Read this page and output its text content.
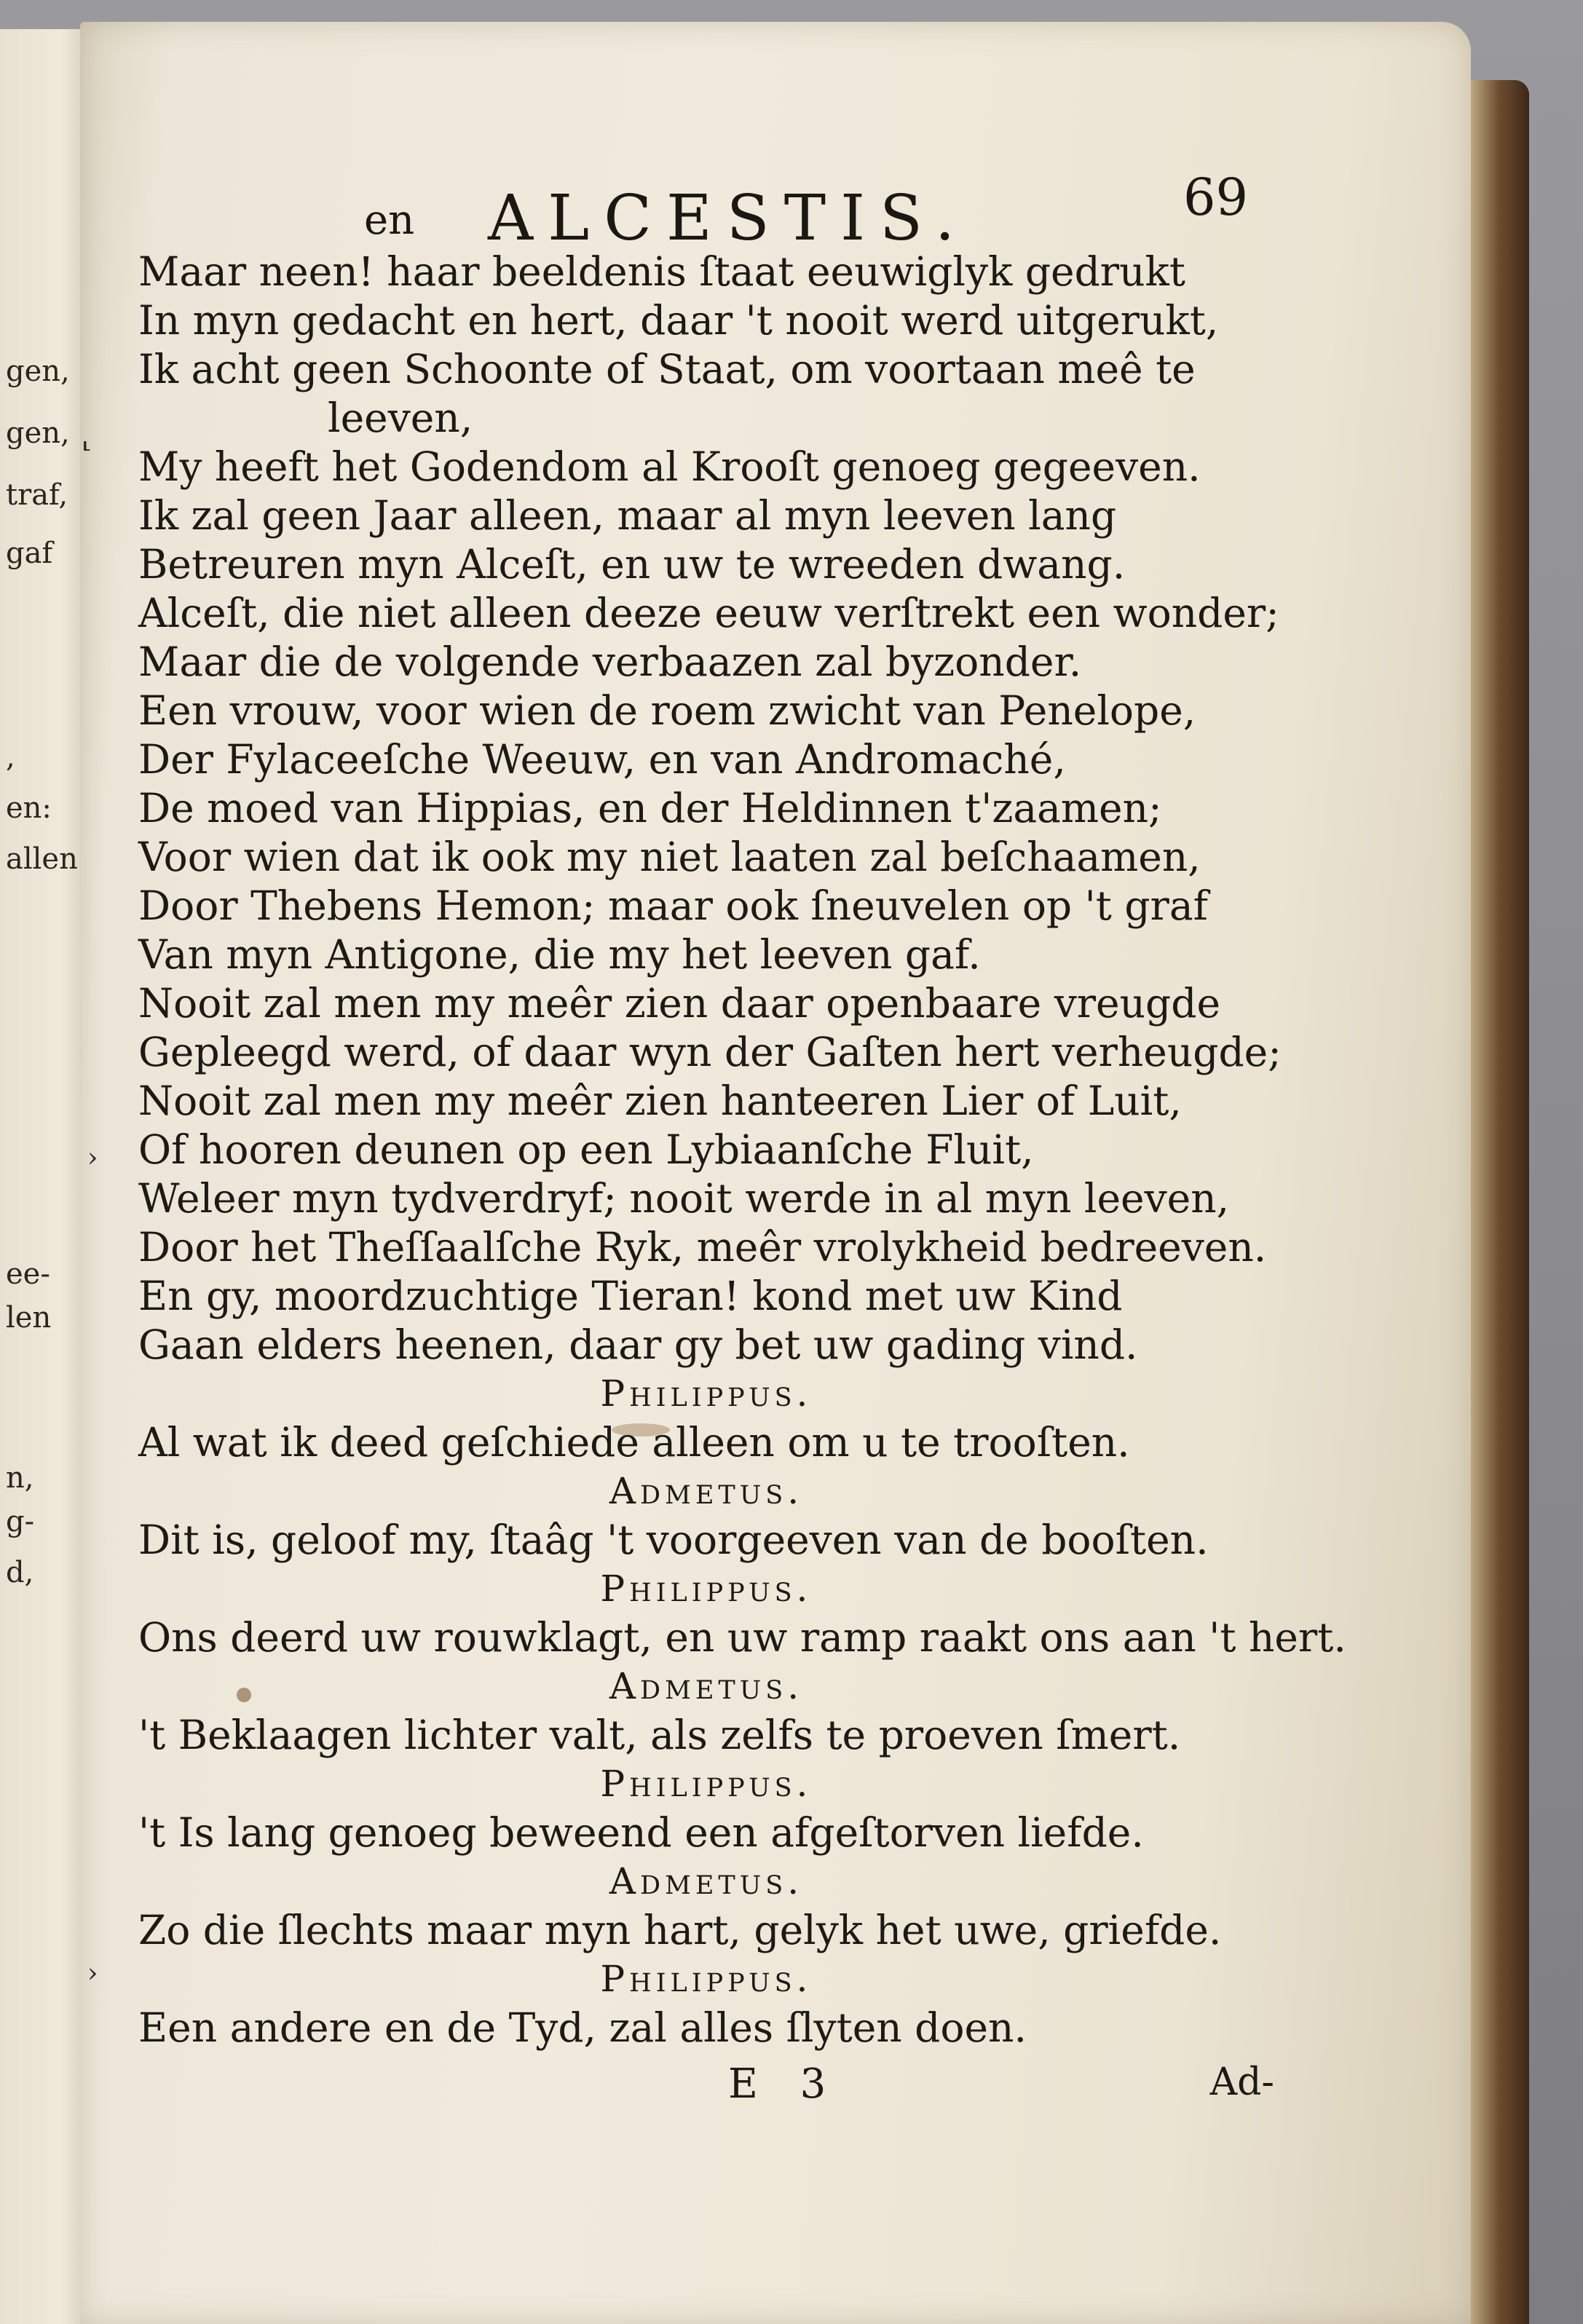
gen,
gen,
traf,
gaf
,
en:
allen
ee-
len
n,
g-
d,
⸤
›
›
en ALCESTIS.	69
Maar neen! haar beeldenis ſtaat eeuwiglyk gedrukt
In myn gedacht en hert, daar 't nooit werd uitgerukt,
Ik acht geen Schoonte of Staat, om voortaan meê te
leeven,
My heeft het Godendom al Krooſt genoeg gegeeven.
Ik zal geen Jaar alleen, maar al myn leeven lang
Betreuren myn Alceſt, en uw te wreeden dwang.
Alceſt, die niet alleen deeze eeuw verſtrekt een wonder;
Maar die de volgende verbaazen zal byzonder.
Een vrouw, voor wien de roem zwicht van Penelope,
Der Fylaceeſche Weeuw, en van Andromaché,
De moed van Hippias, en der Heldinnen t'zaamen;
Voor wien dat ik ook my niet laaten zal beſchaamen,
Door Thebens Hemon; maar ook ſneuvelen op 't graf
Van myn Antigone, die my het leeven gaf.
Nooit zal men my meêr zien daar openbaare vreugde
Gepleegd werd, of daar wyn der Gaſten hert verheugde;
Nooit zal men my meêr zien hanteeren Lier of Luit,
Of hooren deunen op een Lybiaanſche Fluit,
Weleer myn tydverdryf; nooit werde in al myn leeven,
Door het Theſſaalſche Ryk, meêr vrolykheid bedreeven.
En gy, moordzuchtige Tieran! kond met uw Kind
Gaan elders heenen, daar gy bet uw gading vind.
Philippus.
Al wat ik deed geſchiede alleen om u te trooſten.
Admetus.
Dit is, geloof my, ſtaâg 't voorgeeven van de booſten.
Philippus.
Ons deerd uw rouwklagt, en uw ramp raakt ons aan 't hert.
Admetus.
't Beklaagen lichter valt, als zelfs te proeven ſmert.
Philippus.
't Is lang genoeg beweend een afgeſtorven liefde.
Admetus.
Zo die ſlechts maar myn hart, gelyk het uwe, griefde.
Philippus.
Een andere en de Tyd, zal alles ſlyten doen.
E 3	Ad-
